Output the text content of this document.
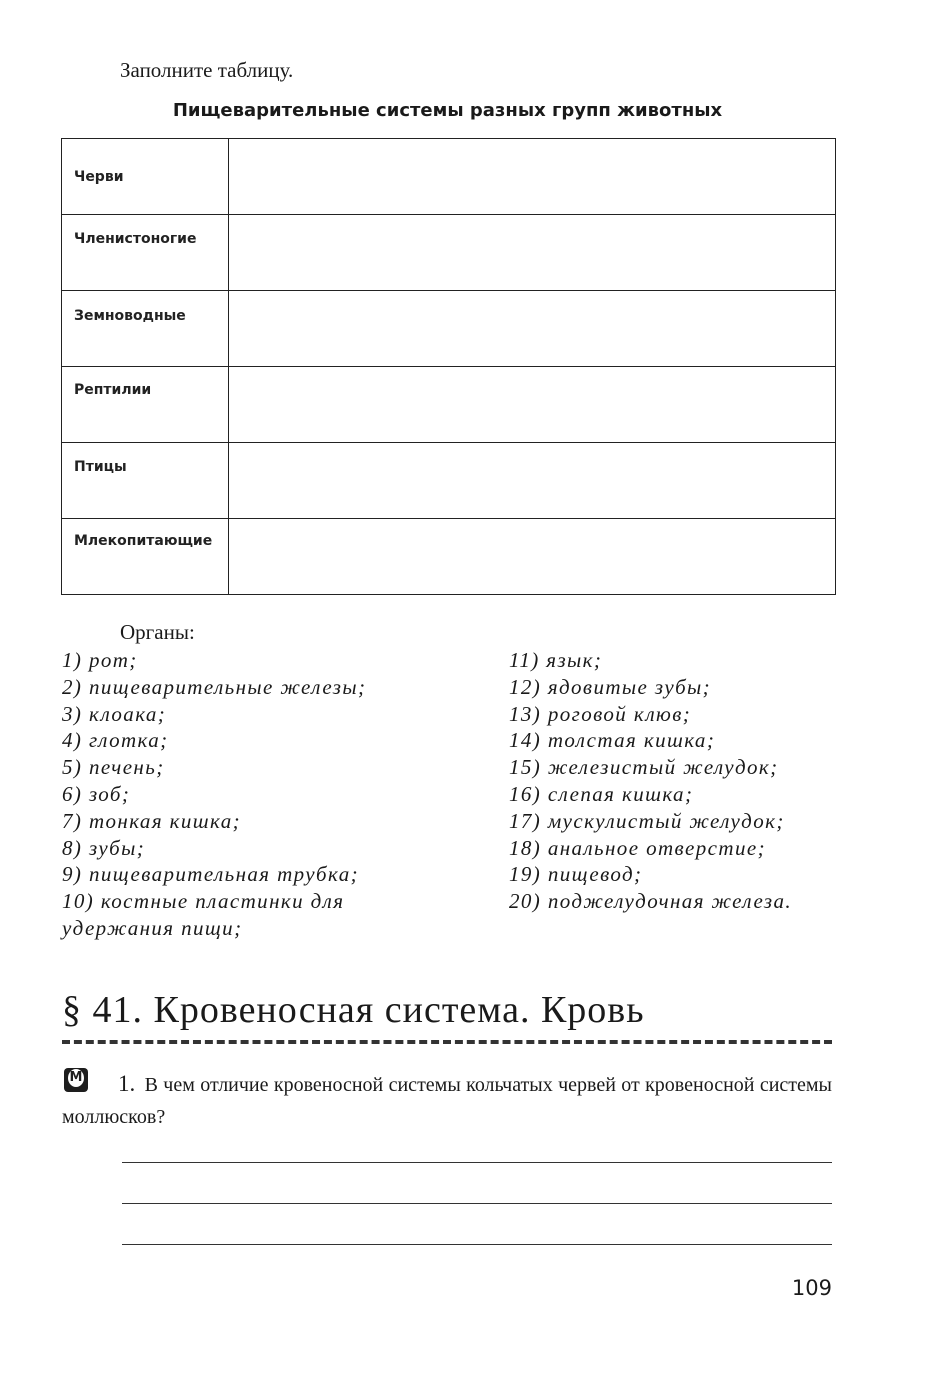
Заполните таблицу.
Пищеварительные системы разных групп животных
Черви	
Членистоногие	
Земноводные	
Рептилии	
Птицы	
Млекопитающие	
Органы:
1) рот;
2) пищеварительные железы;
3) клоака;
4) глотка;
5) печень;
6) зоб;
7) тонкая кишка;
8) зубы;
9) пищеварительная трубка;
10) костные пластинки для удержания пищи;
11) язык;
12) ядовитые зубы;
13) роговой клюв;
14) толстая кишка;
15) железистый желудок;
16) слепая кишка;
17) мускулистый желудок;
18) анальное отверстие;
19) пищевод;
20) поджелудочная железа.
§ 41. Кровеносная система. Кровь
М	1. В чем отличие кровеносной системы кольчатых червей от кровеносной системы моллюсков?
109
